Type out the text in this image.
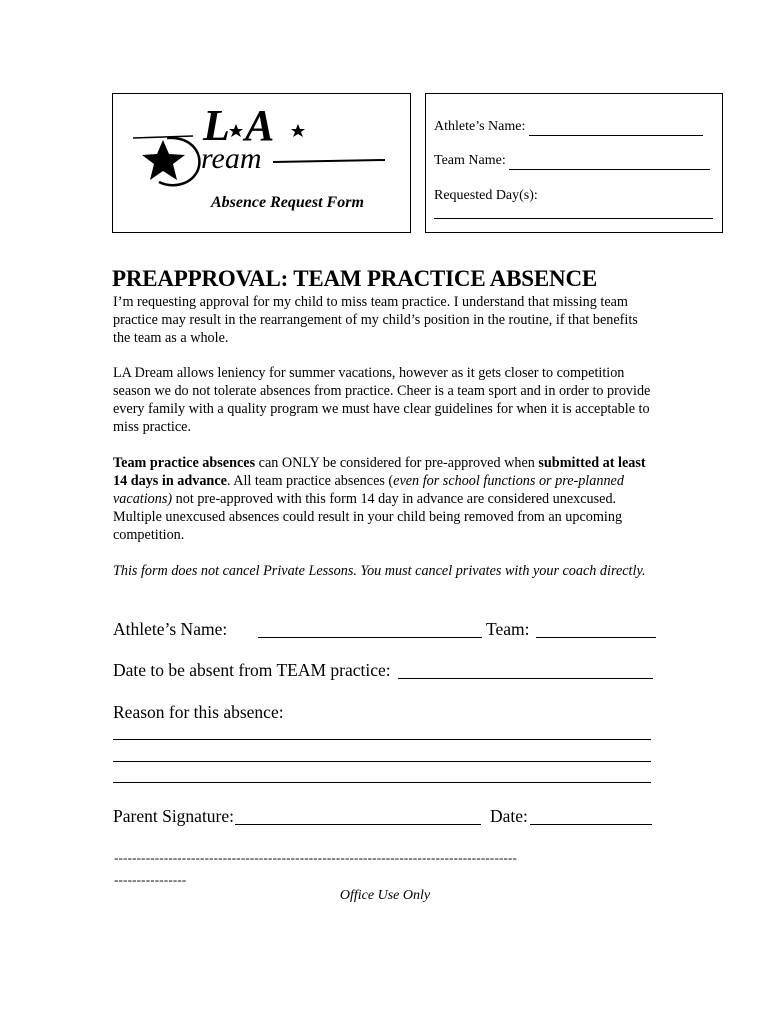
L A
ream
Absence Request Form
Athlete’s Name:
Team Name:
Requested Day(s):
PREAPPROVAL: TEAM PRACTICE ABSENCE

I’m requesting approval for my child to miss team practice. I understand that missing team practice may result in the rearrangement of my child’s position in the routine, if that benefits the team as a whole.

LA Dream allows leniency for summer vacations, however as it gets closer to competition season we do not tolerate absences from practice. Cheer is a team sport and in order to provide every family with a quality program we must have clear guidelines for when it is acceptable to miss practice.

Team practice absences can ONLY be considered for pre-approved when submitted at least 14 days in advance. All team practice absences (even for school functions or pre-planned vacations) not pre-approved with this form 14 day in advance are considered unexcused. Multiple unexcused absences could result in your child being removed from an upcoming competition.

This form does not cancel Private Lessons. You must cancel privates with your coach directly.

Athlete’s Name:	Team:
Date to be absent from TEAM practice:
Reason for this absence:
Parent Signature:	Date:
-----------------------------------------------------------------------------------------
----------------
Office Use Only
